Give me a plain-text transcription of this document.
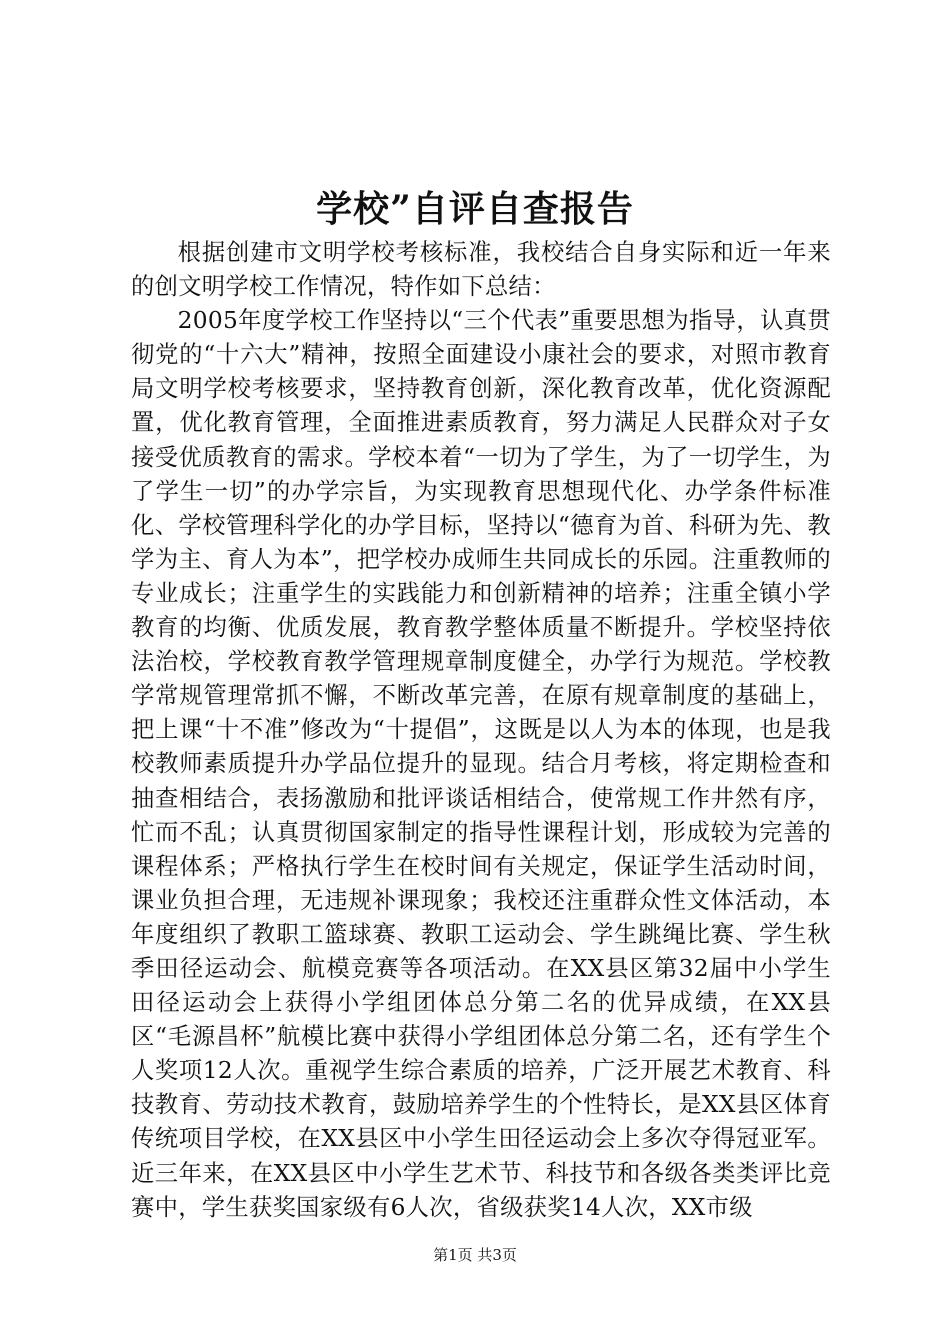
学校”自评自查报告

根据创建市文明学校考核标准，我校结合自身实际和近一年来的创文明学校工作情况，特作如下总结：

2005年度学校工作坚持以“三个代表”重要思想为指导，认真贯彻党的“十六大”精神，按照全面建设小康社会的要求，对照市教育局文明学校考核要求，坚持教育创新，深化教育改革，优化资源配置，优化教育管理，全面推进素质教育，努力满足人民群众对子女接受优质教育的需求。学校本着“一切为了学生，为了一切学生，为了学生一切”的办学宗旨，为实现教育思想现代化、办学条件标准化、学校管理科学化的办学目标，坚持以“德育为首、科研为先、教学为主、育人为本”，把学校办成师生共同成长的乐园。注重教师的专业成长；注重学生的实践能力和创新精神的培养；注重全镇小学教育的均衡、优质发展，教育教学整体质量不断提升。学校坚持依法治校，学校教育教学管理规章制度健全，办学行为规范。学校教学常规管理常抓不懈，不断改革完善，在原有规章制度的基础上，把上课“十不准”修改为“十提倡”，这既是以人为本的体现，也是我校教师素质提升办学品位提升的显现。结合月考核，将定期检查和抽查相结合，表扬激励和批评谈话相结合，使常规工作井然有序，忙而不乱；认真贯彻国家制定的指导性课程计划，形成较为完善的课程体系；严格执行学生在校时间有关规定，保证学生活动时间，课业负担合理，无违规补课现象；我校还注重群众性文体活动，本年度组织了教职工篮球赛、教职工运动会、学生跳绳比赛、学生秋季田径运动会、航模竞赛等各项活动。在XX县区第32届中小学生田径运动会上获得小学组团体总分第二名的优异成绩，在XX县区“毛源昌杯”航模比赛中获得小学组团体总分第二名，还有学生个人奖项12人次。重视学生综合素质的培养，广泛开展艺术教育、科技教育、劳动技术教育，鼓励培养学生的个性特长，是XX县区体育传统项目学校，在XX县区中小学生田径运动会上多次夺得冠亚军。近三年来，在XX县区中小学生艺术节、科技节和各级各类类评比竞赛中，学生获奖国家级有6人次，省级获奖14人次，XX市级

第1页 共3页
